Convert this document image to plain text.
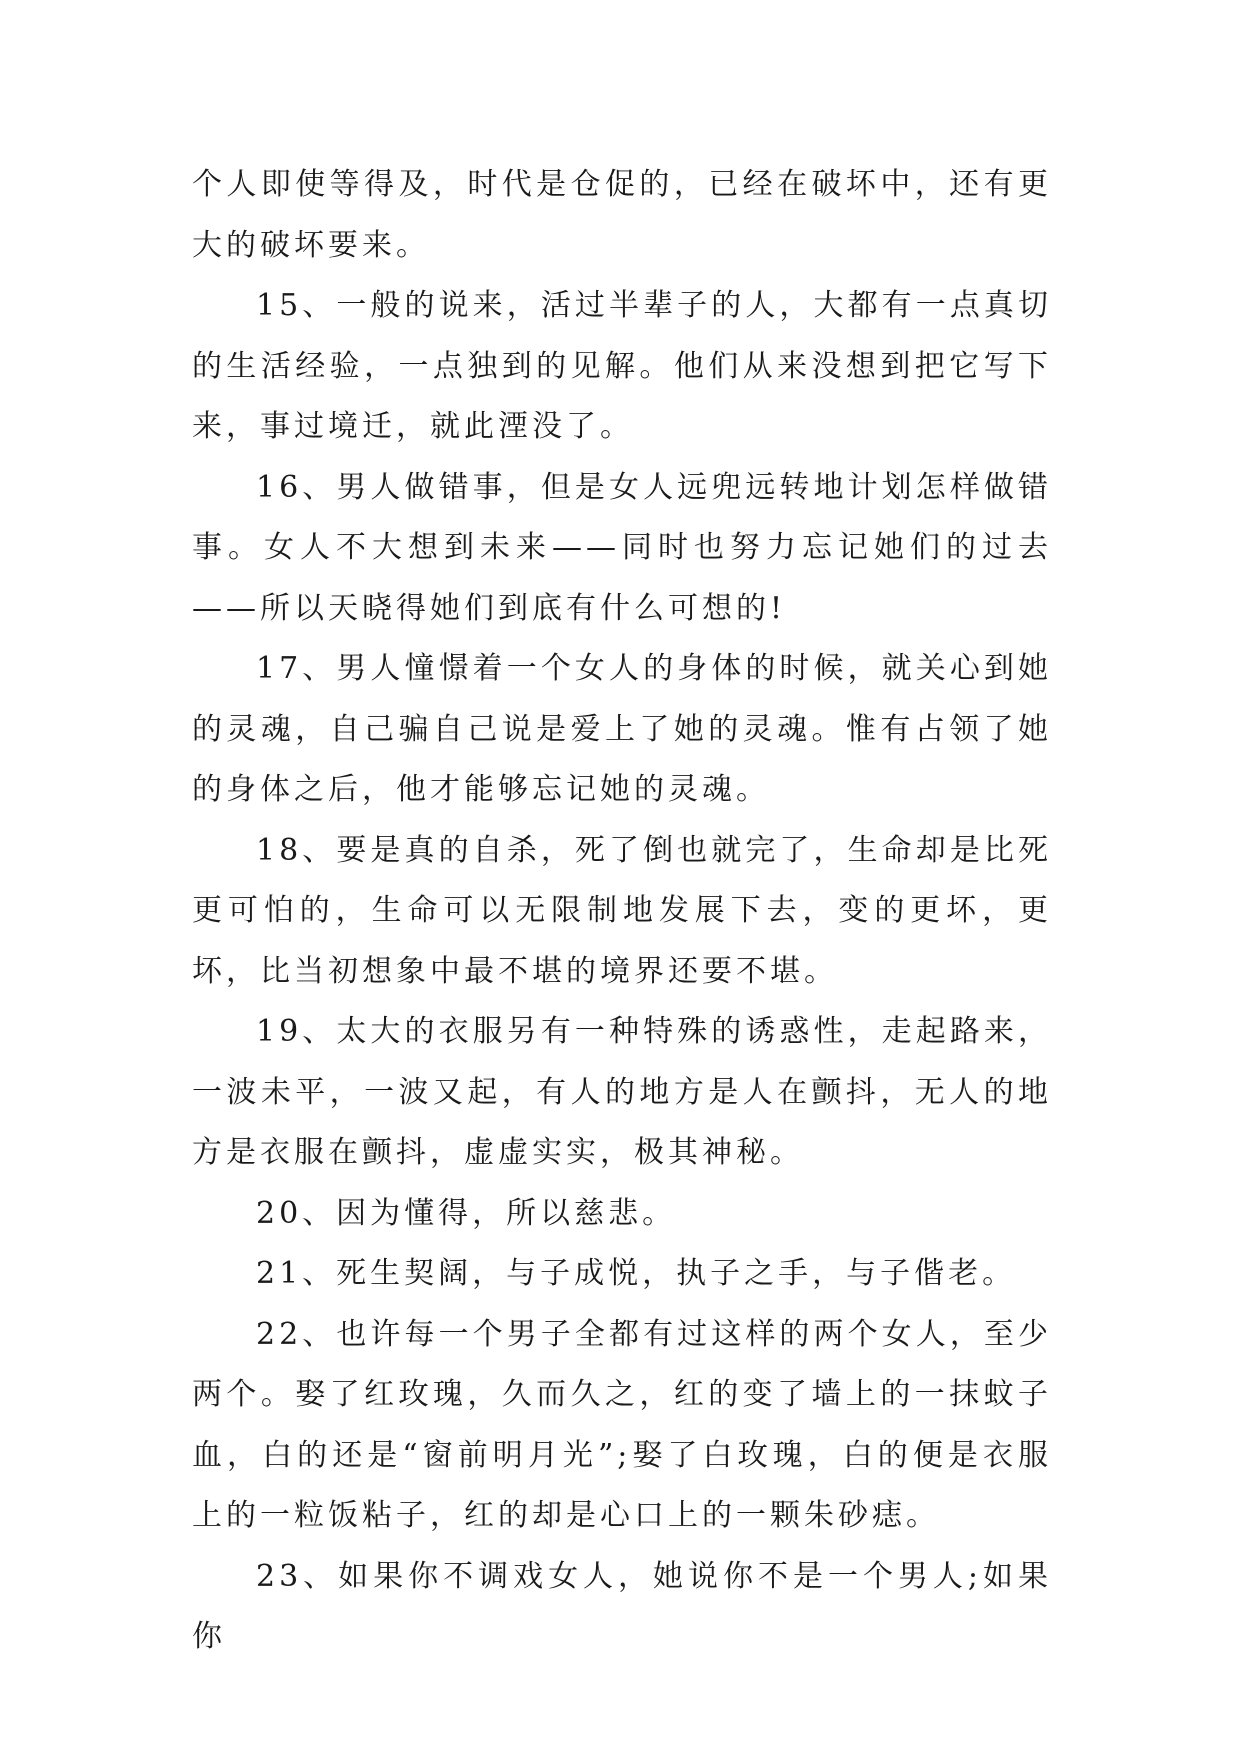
个人即使等得及，时代是仓促的，已经在破坏中，还有更大的破坏要来。

15、一般的说来，活过半辈子的人，大都有一点真切的生活经验，一点独到的见解。他们从来没想到把它写下来，事过境迁，就此湮没了。

16、男人做错事，但是女人远兜远转地计划怎样做错事。女人不大想到未来——同时也努力忘记她们的过去——所以天晓得她们到底有什么可想的!

17、男人憧憬着一个女人的身体的时候，就关心到她的灵魂，自己骗自己说是爱上了她的灵魂。惟有占领了她的身体之后，他才能够忘记她的灵魂。

18、要是真的自杀，死了倒也就完了，生命却是比死更可怕的，生命可以无限制地发展下去，变的更坏，更坏，比当初想象中最不堪的境界还要不堪。

19、太大的衣服另有一种特殊的诱惑性，走起路来，一波未平，一波又起，有人的地方是人在颤抖，无人的地方是衣服在颤抖，虚虚实实，极其神秘。

20、因为懂得，所以慈悲。

21、死生契阔，与子成悦，执子之手，与子偕老。

22、也许每一个男子全都有过这样的两个女人，至少两个。娶了红玫瑰，久而久之，红的变了墙上的一抹蚊子血，白的还是“窗前明月光”;娶了白玫瑰，白的便是衣服上的一粒饭粘子，红的却是心口上的一颗朱砂痣。

23、如果你不调戏女人，她说你不是一个男人;如果你
